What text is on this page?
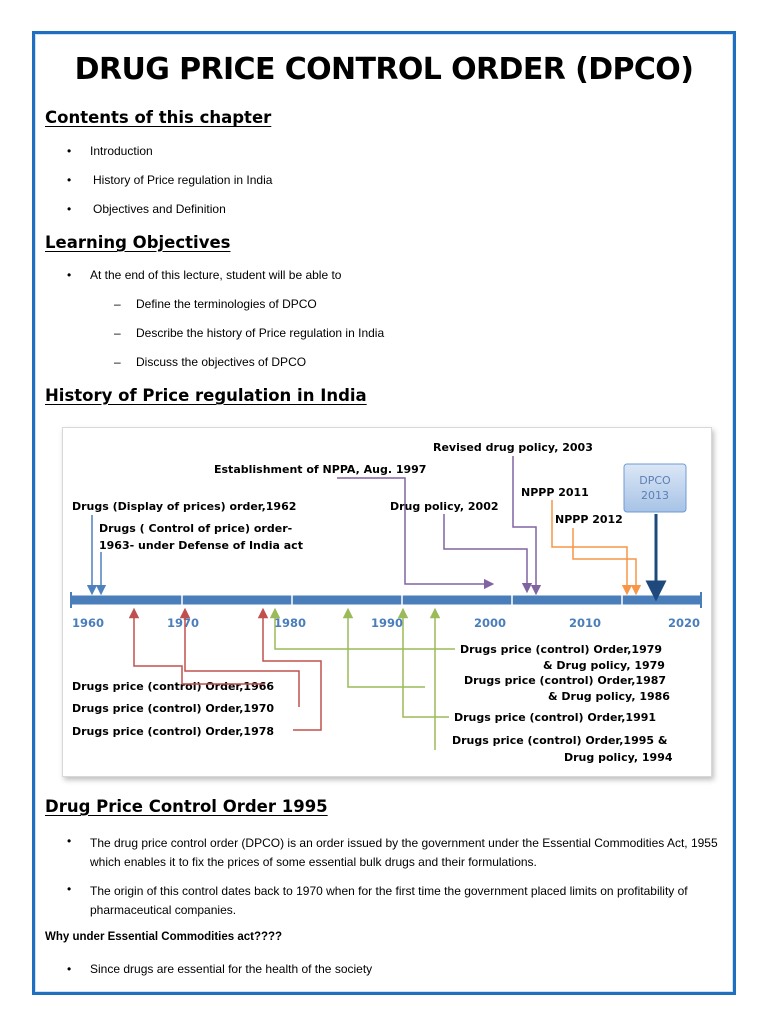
DRUG PRICE CONTROL ORDER (DPCO)
Contents of this chapter
• Introduction
• History of Price regulation in India
• Objectives and Definition
Learning Objectives
• At the end of this lecture, student will be able to
– Define the terminologies of DPCO
– Describe the history of Price regulation in India
– Discuss the objectives of DPCO
History of Price regulation in India
1960	1970	1980	1990	2000	2010	2020
Revised drug policy, 2003
Establishment of NPPA, Aug. 1997
NPPP 2011
Drugs (Display of prices) order,1962	Drug policy, 2002
NPPP 2012
Drugs ( Control of price) order-
1963- under Defense of India act
DPCO
2013
Drugs price (control) Order,1966
Drugs price (control) Order,1970
Drugs price (control) Order,1978
Drugs price (control) Order,1979
& Drug policy, 1979
Drugs price (control) Order,1987
& Drug policy, 1986
Drugs price (control) Order,1991
Drugs price (control) Order,1995 &
Drug policy, 1994
Drug Price Control Order 1995
• The drug price control order (DPCO) is an order issued by the government under the Essential Commodities Act, 1955 which enables it to fix the prices of some essential bulk drugs and their formulations.
• The origin of this control dates back to 1970 when for the first time the government placed limits on profitability of pharmaceutical companies.
Why under Essential Commodities act????
• Since drugs are essential for the health of the society
